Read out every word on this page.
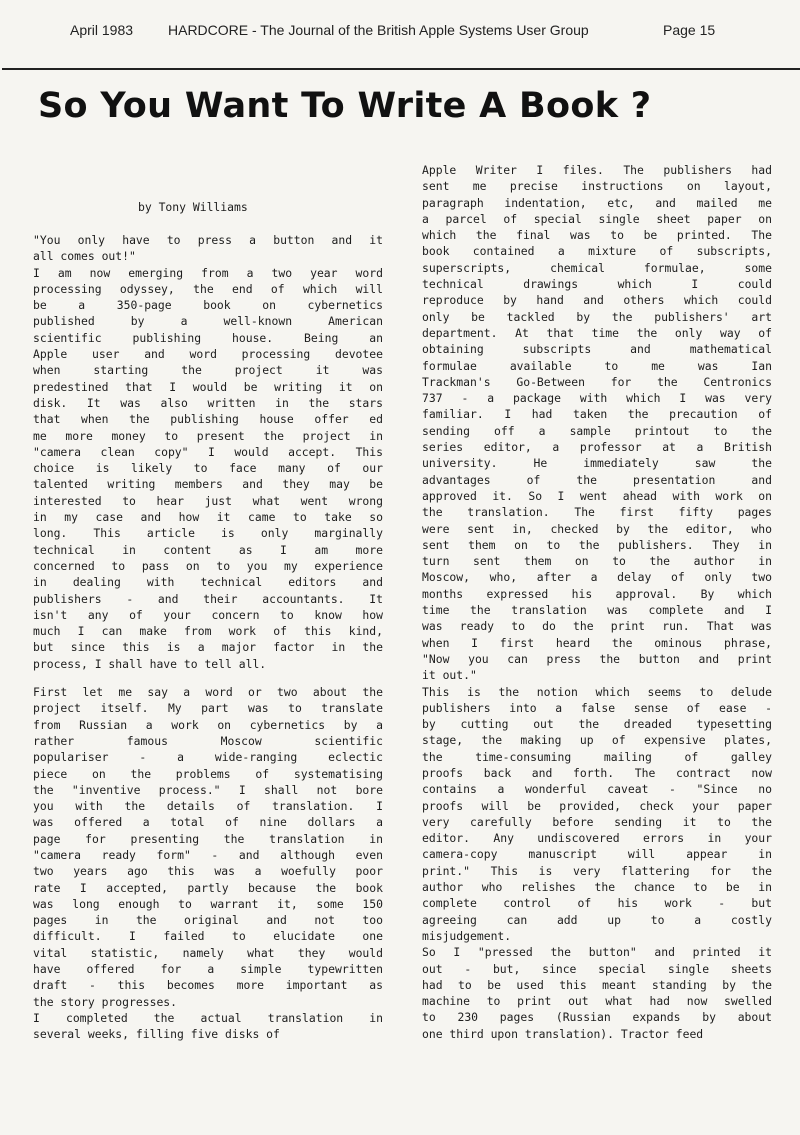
April 1983 HARDCORE - The Journal of the British Apple Systems User Group	Page 15
So You Want To Write A Book ?
by Tony Williams
"You only have to press a button and it
all comes out!"
I am now emerging from a two year word
processing odyssey, the end of which will
be a 350-page book on cybernetics
published by a well-known American
scientific publishing house. Being an
Apple user and word processing devotee
when starting the project it was
predestined that I would be writing it on
disk. It was also written in the stars
that when the publishing house offer ed
me more money to present the project in
"camera clean copy" I would accept. This
choice is likely to face many of our
talented writing members and they may be
interested to hear just what went wrong
in my case and how it came to take so
long. This article is only marginally
technical in content as I am more
concerned to pass on to you my experience
in dealing with technical editors and
publishers - and their accountants. It
isn't any of your concern to know how
much I can make from work of this kind,
but since this is a major factor in the
process, I shall have to tell all.
First let me say a word or two about the
project itself. My part was to translate
from Russian a work on cybernetics by a
rather famous Moscow scientific
populariser - a wide-ranging eclectic
piece on the problems of systematising
the "inventive process." I shall not bore
you with the details of translation. I
was offered a total of nine dollars a
page for presenting the translation in
"camera ready form" - and although even
two years ago this was a woefully poor
rate I accepted, partly because the book
was long enough to warrant it, some 150
pages in the original and not too
difficult. I failed to elucidate one
vital statistic, namely what they would
have offered for a simple typewritten
draft - this becomes more important as
the story progresses.
I completed the actual translation in
several weeks, filling five disks of
Apple Writer I files. The publishers had
sent me precise instructions on layout,
paragraph indentation, etc, and mailed me
a parcel of special single sheet paper on
which the final was to be printed. The
book contained a mixture of subscripts,
superscripts, chemical formulae, some
technical drawings which I could
reproduce by hand and others which could
only be tackled by the publishers' art
department. At that time the only way of
obtaining subscripts and mathematical
formulae available to me was Ian
Trackman's Go-Between for the Centronics
737 - a package with which I was very
familiar. I had taken the precaution of
sending off a sample printout to the
series editor, a professor at a British
university. He immediately saw the
advantages of the presentation and
approved it. So I went ahead with work on
the translation. The first fifty pages
were sent in, checked by the editor, who
sent them on to the publishers. They in
turn sent them on to the author in
Moscow, who, after a delay of only two
months expressed his approval. By which
time the translation was complete and I
was ready to do the print run. That was
when I first heard the ominous phrase,
"Now you can press the button and print
it out."
This is the notion which seems to delude
publishers into a false sense of ease -
by cutting out the dreaded typesetting
stage, the making up of expensive plates,
the time-consuming mailing of galley
proofs back and forth. The contract now
contains a wonderful caveat - "Since no
proofs will be provided, check your paper
very carefully before sending it to the
editor. Any undiscovered errors in your
camera-copy manuscript will appear in
print." This is very flattering for the
author who relishes the chance to be in
complete control of his work - but
agreeing can add up to a costly
misjudgement.
So I "pressed the button" and printed it
out - but, since special single sheets
had to be used this meant standing by the
machine to print out what had now swelled
to 230 pages (Russian expands by about
one third upon translation). Tractor feed
